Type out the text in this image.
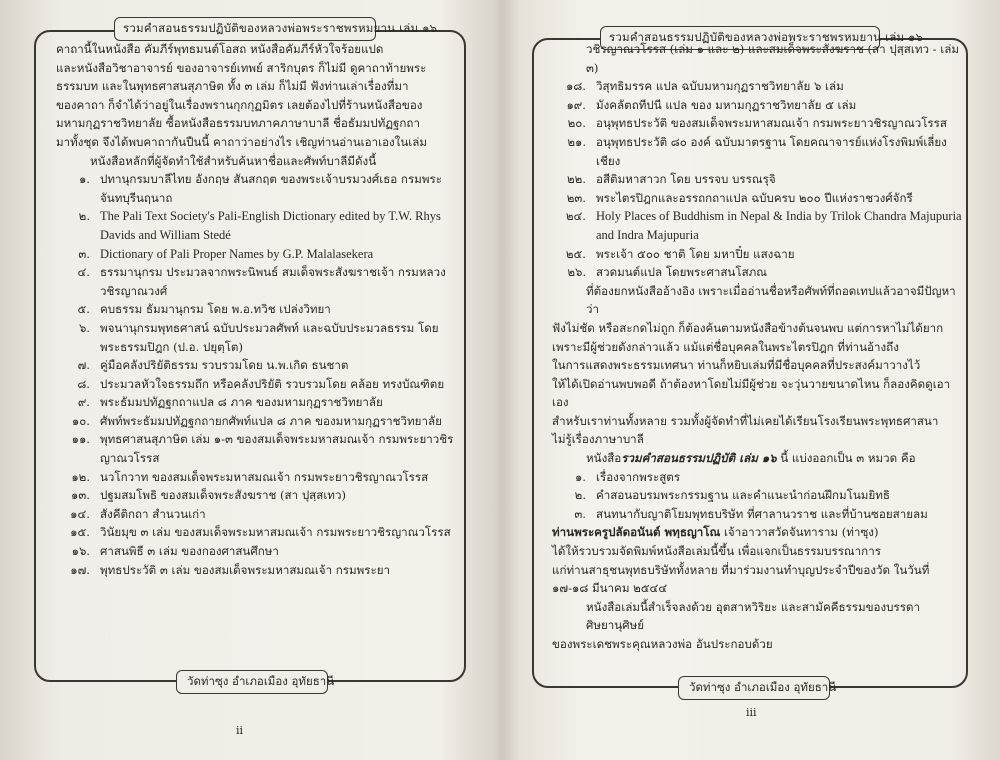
รวมคำสอนธรรมปฏิบัติของหลวงพ่อพระราชพรหมยาน เล่ม ๑๖

คาถานี้ในหนังสือ คัมภีร์พุทธมนต์โอสถ หนังสือคัมภีร์หัวใจร้อยแปด

และหนังสือวิชาอาจารย์ ของอาจารย์เทพย์ สาริกบุตร ก็ไม่มี ดูคาถาท้ายพระ

ธรรมบท และในพุทธศาสนสุภาษิต ทั้ง ๓ เล่ม ก็ไม่มี ฟังท่านเล่าเรื่องที่มา

ของคาถา ก็จำได้ว่าอยู่ในเรื่องพรานกุกกุฏมิตร เลยต้องไปที่ร้านหนังสือของ

มหามกุฏราชวิทยาลัย ซื้อหนังสือธรรมบทภาคภาษาบาลี ชื่อธัมมปทัฏฐกถา

มาทั้งชุด จึงได้พบคาถากันปืนนี้ คาถาว่าอย่างไร เชิญท่านอ่านเอาเองในเล่ม

หนังสือหลักที่ผู้จัดทำใช้สำหรับค้นหาชื่อและศัพท์บาลีมีดังนี้

๑. ปทานุกรมบาลีไทย อังกฤษ สันสกฤต ของพระเจ้าบรมวงศ์เธอ กรมพระจันทบุรีนฤนาถ
๒. The Pali Text Society's Pali-English Dictionary edited by T.W. Rhys Davids and William Stedé
๓. Dictionary of Pali Proper Names by G.P. Malalasekera
๔. ธรรมานุกรม ประมวลจากพระนิพนธ์ สมเด็จพระสังฆราชเจ้า กรมหลวงวชิรญาณวงศ์
๕. คบธรรม ธัมมานุกรม โดย พ.อ.ทวิช เปล่งวิทยา
๖. พจนานุกรมพุทธศาสน์ ฉบับประมวลศัพท์ และฉบับประมวลธรรม โดยพระธรรมปิฎก (ป.อ. ปยุตฺโต)
๗. คู่มือคลังปริยัติธรรม รวบรวมโดย น.พ.เกิด ธนชาต
๘. ประมวลหัวใจธรรมถึก หรือคลังปริยัติ รวบรวมโดย คล้อย ทรงบัณฑิตย
๙. พระธัมมปทัฏฐกถาแปล ๘ ภาค ของมหามกุฏราชวิทยาลัย
๑๐. ศัพท์พระธัมมปทัฏฐกถายกศัพท์แปล ๘ ภาค ของมหามกุฏราชวิทยาลัย
๑๑. พุทธศาสนสุภาษิต เล่ม ๑-๓ ของสมเด็จพระมหาสมณเจ้า กรมพระยาวชิรญาณวโรรส
๑๒. นวโกวาท ของสมเด็จพระมหาสมณเจ้า กรมพระยาวชิรญาณวโรรส
๑๓. ปฐมสมโพธิ ของสมเด็จพระสังฆราช (สา ปุสฺสเทว)
๑๔. สังคีติกถา สำนวนเก่า
๑๕. วินัยมุข ๓ เล่ม ของสมเด็จพระมหาสมณเจ้า กรมพระยาวชิรญาณวโรรส
๑๖. ศาสนพิธี ๓ เล่ม ของกองศาสนศึกษา
๑๗. พุทธประวัติ ๓ เล่ม ของสมเด็จพระมหาสมณเจ้า กรมพระยา
วัดท่าซุง อำเภอเมือง อุทัยธานี
ii
รวมคำสอนธรรมปฏิบัติของหลวงพ่อพระราชพรหมยาน เล่ม ๑๖

วชิรญาณวโรรส (เล่ม ๑ และ ๒) และสมเด็จพระสังฆราช (สา ปุสฺสเทว - เล่ม ๓)

๑๘. วิสุทธิมรรค แปล ฉบับมหามกุฏราชวิทยาลัย ๖ เล่ม
๑๙. มังคลัตถทีปนี แปล ของ มหามกุฏราชวิทยาลัย ๕ เล่ม
๒๐. อนุพุทธประวัติ ของสมเด็จพระมหาสมณเจ้า กรมพระยาวชิรญาณวโรรส
๒๑. อนุพุทธประวัติ ๘๐ องค์ ฉบับมาตรฐาน โดยคณาจารย์แห่งโรงพิมพ์เลี่ยงเชียง
๒๒. อสีติมหาสาวก โดย บรรจบ บรรณรุจิ
๒๓. พระไตรปิฎกและอรรถกถาแปล ฉบับครบ ๒๐๐ ปีแห่งราชวงศ์จักรี
๒๔. Holy Places of Buddhism in Nepal & India by Trilok Chandra Majupuria and Indra Majupuria
๒๕. พระเจ้า ๕๐๐ ชาติ โดย มหาปิ๋ย แสงฉาย
๒๖. สวดมนต์แปล โดยพระศาสนโสภณ

ที่ต้องยกหนังสืออ้างอิง เพราะเมื่ออ่านชื่อหรือศัพท์ที่ถอดเทปแล้วอาจมีปัญหาว่า

ฟังไม่ชัด หรือสะกดไม่ถูก ก็ต้องค้นตามหนังสือข้างต้นจนพบ แต่การหาไม่ได้ยาก

เพราะมีผู้ช่วยดังกล่าวแล้ว แม้แต่ชื่อบุคคลในพระไตรปิฎก ที่ท่านอ้างถึง

ในการแสดงพระธรรมเทศนา ท่านก็หยิบเล่มที่มีชื่อบุคคลที่ประสงค์มาวางไว้

ให้ได้เปิดอ่านพบพอดี ถ้าต้องหาโดยไม่มีผู้ช่วย จะวุ่นวายขนาดไหน ก็ลองคิดดูเอาเอง

สำหรับเราท่านทั้งหลาย รวมทั้งผู้จัดทำที่ไม่เคยได้เรียนโรงเรียนพระพุทธศาสนา

ไม่รู้เรื่องภาษาบาลี

หนังสือรวมคำสอนธรรมปฏิบัติ เล่ม ๑๖ นี้ แบ่งออกเป็น ๓ หมวด คือ

๑. เรื่องจากพระสูตร
๒. คำสอนอบรมพระกรรมฐาน และคำแนะนำก่อนฝึกมโนมยิทธิ
๓. สนทนากับญาติโยมพุทธบริษัท ที่ศาลานวราช และที่บ้านซอยสายลม

ท่านพระครูปลัดอนันต์ พทฺธญาโณ เจ้าอาวาสวัดจันทาราม (ท่าซุง)

ได้ให้รวบรวมจัดพิมพ์หนังสือเล่มนี้ขึ้น เพื่อแจกเป็นธรรมบรรณาการ

แก่ท่านสาธุชนพุทธบริษัททั้งหลาย ที่มาร่วมงานทำบุญประจำปีของวัด ในวันที่

๑๗-๑๘ มีนาคม ๒๕๔๔

หนังสือเล่มนี้สำเร็จลงด้วย อุตสาหวิริยะ และสามัคคีธรรมของบรรดาศิษยานุศิษย์

ของพระเดชพระคุณหลวงพ่อ อันประกอบด้วย

วัดท่าซุง อำเภอเมือง อุทัยธานี
iii
